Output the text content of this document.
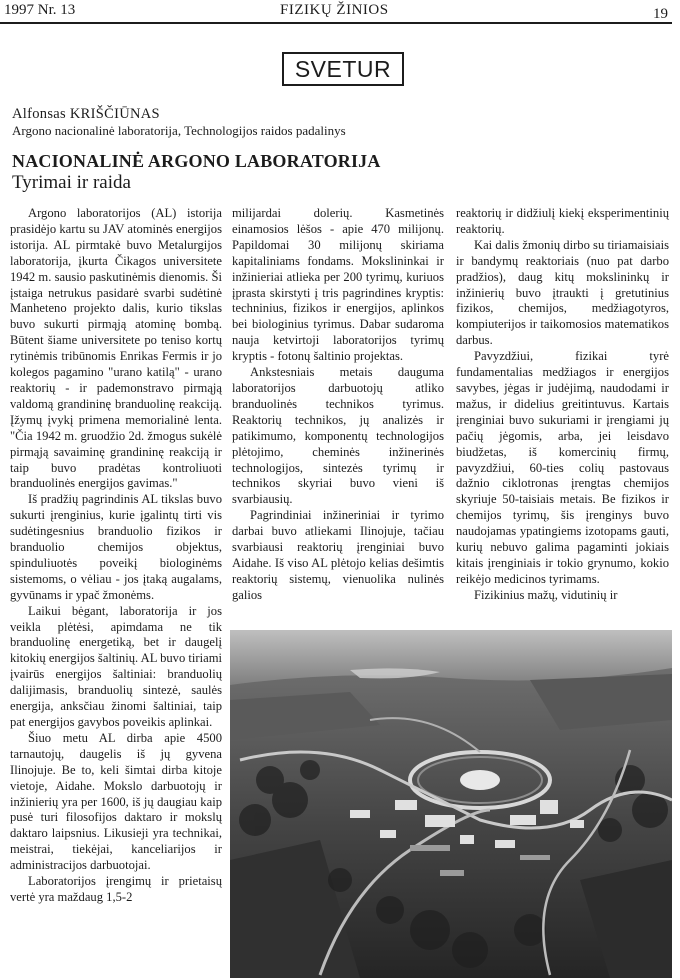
1997 Nr. 13	FIZIKŲ ŽINIOS	19
SVETUR
Alfonsas KRIŠČIŪNAS
Argono nacionalinė laboratorija, Technologijos raidos padalinys
NACIONALINĖ ARGONO LABORATORIJA
Tyrimai ir raida

Argono laboratorijos (AL) istorija prasidėjo kartu su JAV atominės energijos istorija. AL pirmtakė buvo Metalurgijos laboratorija, įkurta Čikagos universitete 1942 m. sausio paskutinėmis dienomis. Ši įstaiga netrukus pasidarė svarbi sudėtinė Manheteno projekto dalis, kurio tikslas buvo sukurti pirmąją atominę bombą. Būtent šiame universitete po teniso kortų rytinėmis tribūnomis Enrikas Fermis ir jo kolegos pagamino "urano katilą" - urano reaktorių - ir pademonstravo pirmąją valdomą grandininę branduolinę reakciją. Įžymų įvykį primena memorialinė lenta. "Čia 1942 m. gruodžio 2d. žmogus sukėlė pirmąją savaiminę grandininę reakciją ir taip buvo pradėtas kontroliuoti branduolinės energijos gavimas."

Iš pradžių pagrindinis AL tikslas buvo sukurti įrenginius, kurie įgalintų tirti vis sudėtingesnius branduolio fizikos ir branduolio chemijos objektus, spinduliuotės poveikį biologinėms sistemoms, o vėliau - jos įtaką augalams, gyvūnams ir ypač žmonėms.

Laikui bėgant, laboratorija ir jos veikla plėtėsi, apimdama ne tik branduolinę energetiką, bet ir daugelį kitokių energijos šaltinių. AL buvo tiriami įvairūs energijos šaltiniai: branduolių dalijimasis, branduolių sintezė, saulės energija, anksčiau žinomi šaltiniai, taip pat energijos gavybos poveikis aplinkai.

Šiuo metu AL dirba apie 4500 tarnautojų, daugelis iš jų gyvena Ilinojuje. Be to, keli šimtai dirba kitoje vietoje, Aidahe. Mokslo darbuotojų ir inžinierių yra per 1600, iš jų daugiau kaip pusė turi filosofijos daktaro ir mokslų daktaro laipsnius. Likusieji yra technikai, meistrai, tiekėjai, kanceliarijos ir administracijos darbuotojai.

Laboratorijos įrengimų ir prietaisų vertė yra maždaug 1,5-2

milijardai dolerių. Kasmetinės einamosios lėšos - apie 470 milijonų. Papildomai 30 milijonų skiriama kapitaliniams fondams. Mokslininkai ir inžinieriai atlieka per 200 tyrimų, kuriuos įprasta skirstyti į tris pagrindines kryptis: techninius, fizikos ir energijos, aplinkos bei biologinius tyrimus. Dabar sudaroma nauja ketvirtoji laboratorijos tyrimų kryptis - fotonų šaltinio projektas.

Ankstesniais metais dauguma laboratorijos darbuotojų atliko branduolinės technikos tyrimus. Reaktorių technikos, jų analizės ir patikimumo, komponentų technologijos plėtojimo, cheminės inžinerinės technologijos, sintezės tyrimų ir technikos skyriai buvo vieni iš svarbiausių.

Pagrindiniai inžineriniai ir tyrimo darbai buvo atliekami Ilinojuje, tačiau svarbiausi reaktorių įrenginiai buvo Aidahe. Iš viso AL plėtojo kelias dešimtis reaktorių sistemų, vienuolika nulinės galios

reaktorių ir didžiulį kiekį eksperimentinių reaktorių.

Kai dalis žmonių dirbo su tiriamaisiais ir bandymų reaktoriais (nuo pat darbo pradžios), daug kitų mokslininkų ir inžinierių buvo įtraukti į gretutinius fizikos, chemijos, medžiagotyros, kompiuterijos ir taikomosios matematikos darbus.

Pavyzdžiui, fizikai tyrė fundamentalias medžiagos ir energijos savybes, jėgas ir judėjimą, naudodami ir mažus, ir didelius greitintuvus. Kartais įrenginiai buvo sukuriami ir įrengiami jų pačių jėgomis, arba, jei leisdavo biudžetas, iš komercinių firmų, pavyzdžiui, 60-ties colių pastovaus dažnio ciklotronas įrengtas chemijos skyriuje 50-taisiais metais. Be fizikos ir chemijos tyrimų, šis įrenginys buvo naudojamas ypatingiems izotopams gauti, kurių nebuvo galima pagaminti jokiais kitais įrenginiais ir tokio grynumo, kokio reikėjo medicinos tyrimams.

Fizikinius mažų, vidutinių ir
